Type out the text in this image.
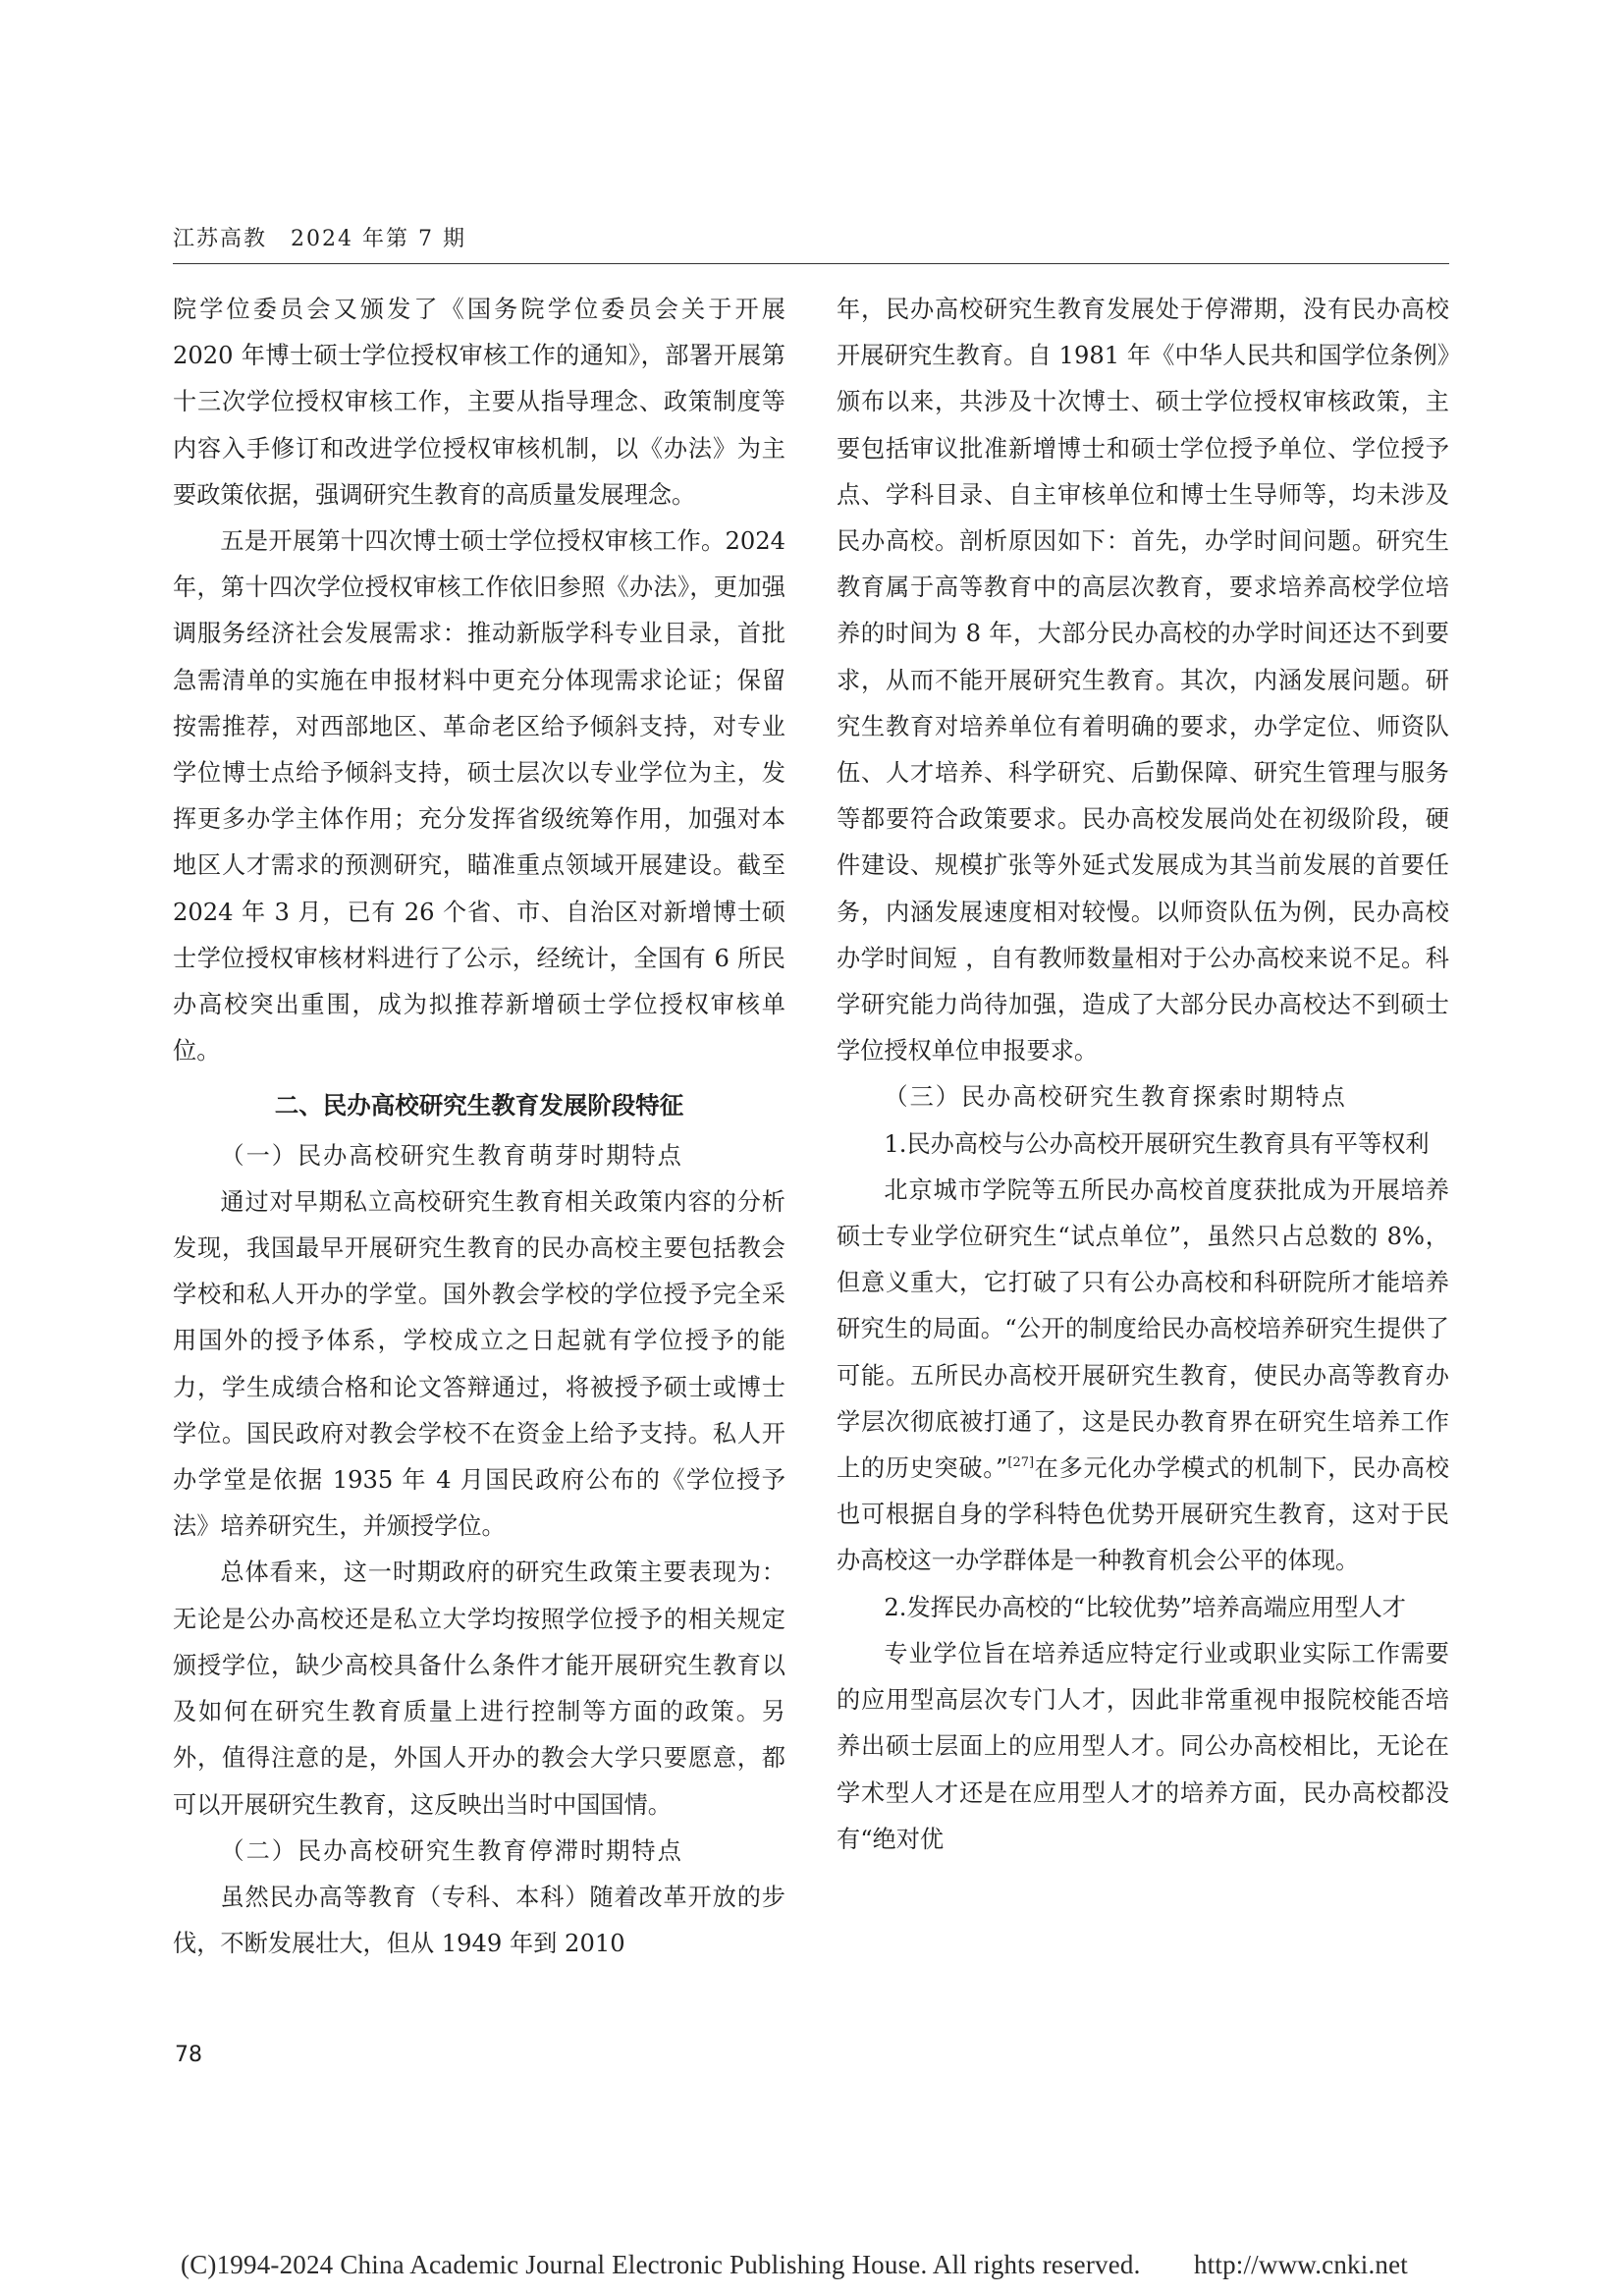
江苏高教　2024 年第 7 期

院学位委员会又颁发了《国务院学位委员会关于开展 2020 年博士硕士学位授权审核工作的通知》，部署开展第十三次学位授权审核工作，主要从指导理念、政策制度等内容入手修订和改进学位授权审核机制，以《办法》为主要政策依据，强调研究生教育的高质量发展理念。

五是开展第十四次博士硕士学位授权审核工作。2024 年，第十四次学位授权审核工作依旧参照《办法》，更加强调服务经济社会发展需求：推动新版学科专业目录，首批急需清单的实施在申报材料中更充分体现需求论证；保留按需推荐，对西部地区、革命老区给予倾斜支持，对专业学位博士点给予倾斜支持，硕士层次以专业学位为主，发挥更多办学主体作用；充分发挥省级统筹作用，加强对本地区人才需求的预测研究，瞄准重点领域开展建设。截至 2024 年 3 月，已有 26 个省、市、自治区对新增博士硕士学位授权审核材料进行了公示，经统计，全国有 6 所民办高校突出重围，成为拟推荐新增硕士学位授权审核单位。

二、民办高校研究生教育发展阶段特征
（一）民办高校研究生教育萌芽时期特点

通过对早期私立高校研究生教育相关政策内容的分析发现，我国最早开展研究生教育的民办高校主要包括教会学校和私人开办的学堂。国外教会学校的学位授予完全采用国外的授予体系，学校成立之日起就有学位授予的能力，学生成绩合格和论文答辩通过，将被授予硕士或博士学位。国民政府对教会学校不在资金上给予支持。私人开办学堂是依据 1935 年 4 月国民政府公布的《学位授予法》培养研究生，并颁授学位。

总体看来，这一时期政府的研究生政策主要表现为：无论是公办高校还是私立大学均按照学位授予的相关规定颁授学位，缺少高校具备什么条件才能开展研究生教育以及如何在研究生教育质量上进行控制等方面的政策。另外，值得注意的是，外国人开办的教会大学只要愿意，都可以开展研究生教育，这反映出当时中国国情。

（二）民办高校研究生教育停滞时期特点

虽然民办高等教育（专科、本科）随着改革开放的步伐，不断发展壮大，但从 1949 年到 2010

年，民办高校研究生教育发展处于停滞期，没有民办高校开展研究生教育。自 1981 年《中华人民共和国学位条例》颁布以来，共涉及十次博士、硕士学位授权审核政策，主要包括审议批准新增博士和硕士学位授予单位、学位授予点、学科目录、自主审核单位和博士生导师等，均未涉及民办高校。剖析原因如下：首先，办学时间问题。研究生教育属于高等教育中的高层次教育，要求培养高校学位培养的时间为 8 年，大部分民办高校的办学时间还达不到要求，从而不能开展研究生教育。其次，内涵发展问题。研究生教育对培养单位有着明确的要求，办学定位、师资队伍、人才培养、科学研究、后勤保障、研究生管理与服务等都要符合政策要求。民办高校发展尚处在初级阶段，硬件建设、规模扩张等外延式发展成为其当前发展的首要任务，内涵发展速度相对较慢。以师资队伍为例，民办高校办学时间短 ，自有教师数量相对于公办高校来说不足。科学研究能力尚待加强，造成了大部分民办高校达不到硕士学位授权单位申报要求。

（三）民办高校研究生教育探索时期特点

1.民办高校与公办高校开展研究生教育具有平等权利

北京城市学院等五所民办高校首度获批成为开展培养硕士专业学位研究生“试点单位”，虽然只占总数的 8%，但意义重大，它打破了只有公办高校和科研院所才能培养研究生的局面。“公开的制度给民办高校培养研究生提供了可能。五所民办高校开展研究生教育，使民办高等教育办学层次彻底被打通了，这是民办教育界在研究生培养工作上的历史突破。”[27]在多元化办学模式的机制下，民办高校也可根据自身的学科特色优势开展研究生教育，这对于民办高校这一办学群体是一种教育机会公平的体现。

2.发挥民办高校的“比较优势”培养高端应用型人才

专业学位旨在培养适应特定行业或职业实际工作需要的应用型高层次专门人才，因此非常重视申报院校能否培养出硕士层面上的应用型人才。同公办高校相比，无论在学术型人才还是在应用型人才的培养方面，民办高校都没有“绝对优

78
(C)1994-2024 China Academic Journal Electronic Publishing House. All rights reserved.　　http://www.cnki.net
